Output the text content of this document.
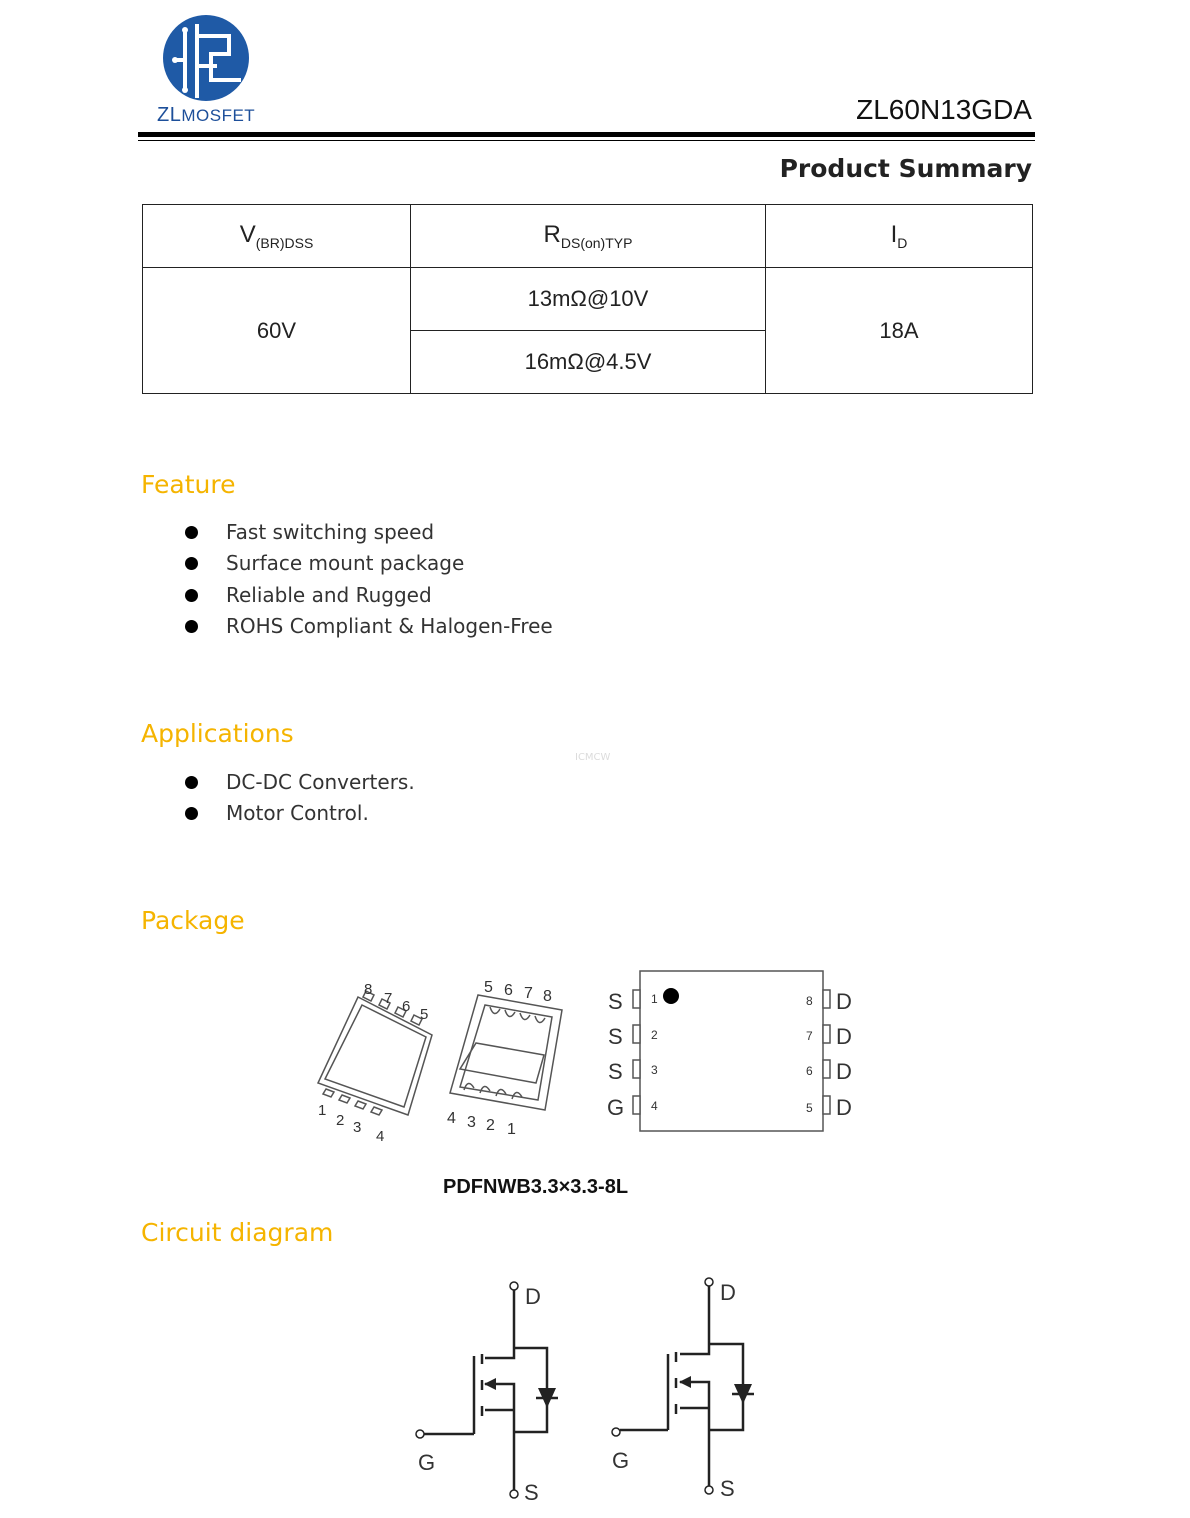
ZLMOSFET	ZL60N13GDA
Product Summary
$V_{(BR)DSS}$	$R_{DS(on)TYP}$	$I_D$
60V	13mΩ@10V	18A
	16mΩ@4.5V	
Feature
Fast switching speed
Surface mount package
Reliable and Rugged
ROHS Compliant & Halogen-Free
Applications
ICMCW
DC-DC Converters.
Motor Control.
Package
8
7 6 5
1
2 3
4
5 6 7 8
4 3 2 1
S
S
S
G
D
D
D
D
1
2
3
4
8
7
6
5
PDFNWB3.3×3.3-8L
Circuit diagram
D
G
S
D
G
S
